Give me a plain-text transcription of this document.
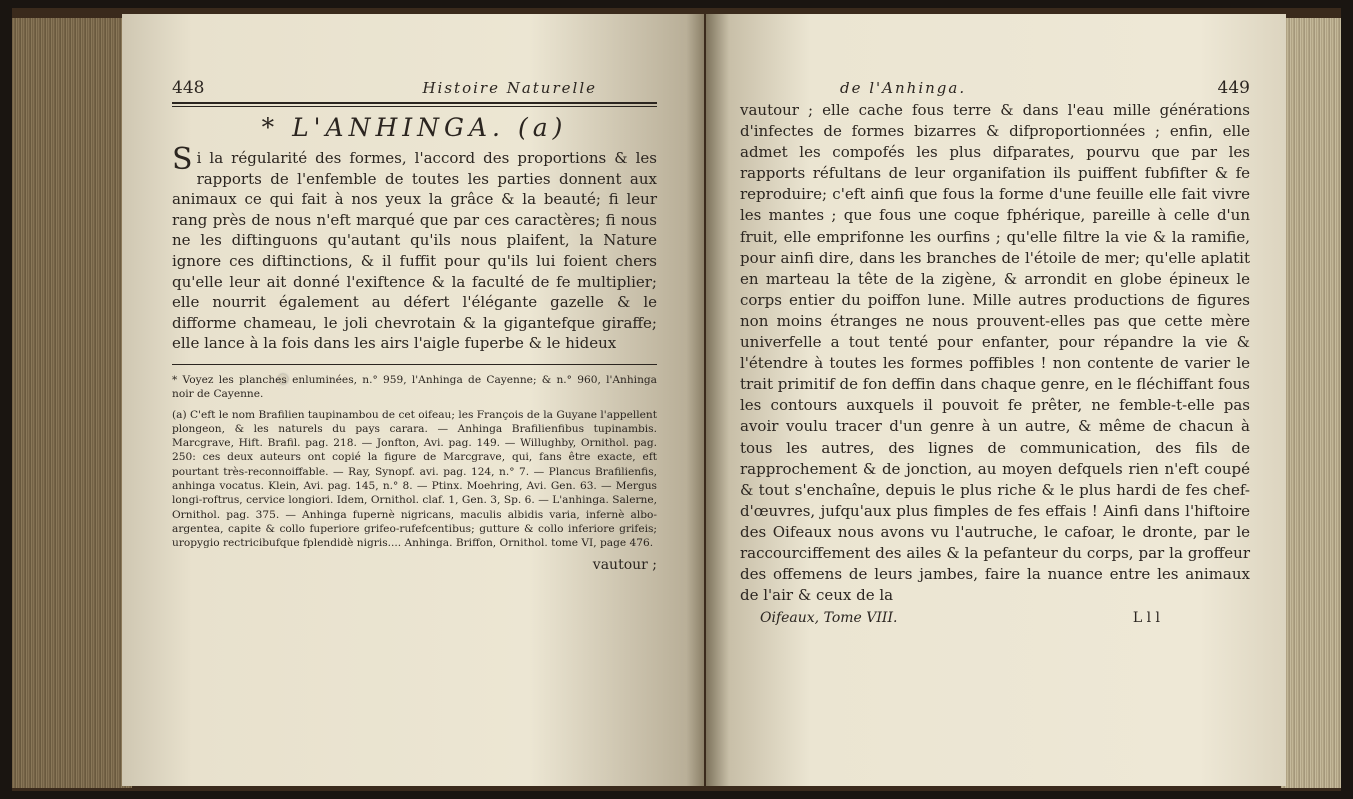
448	Histoire Naturelle
* L'ANHINGA. (a)

Si la régularité des formes, l'accord des proportions & les rapports de l'enfemble de toutes les parties donnent aux animaux ce qui fait à nos yeux la grâce & la beauté; fi leur rang près de nous n'eft marqué que par ces caractères; fi nous ne les diftinguons qu'autant qu'ils nous plaifent, la Nature ignore ces diftinctions, & il fuffit pour qu'ils lui foient chers qu'elle leur ait donné l'exiftence & la faculté de fe multiplier; elle nourrit également au défert l'élégante gazelle & le difforme chameau, le joli chevrotain & la gigantefque giraffe; elle lance à la fois dans les airs l'aigle fuperbe & le hideux

* Voyez les planches enluminées, n.° 959, l'Anhinga de Cayenne; & n.° 960, l'Anhinga noir de Cayenne.

(a) C'eft le nom Brafilien taupinambou de cet oifeau; les François de la Guyane l'appellent plongeon, & les naturels du pays carara. — Anhinga Brafilienfibus tupinambis. Marcgrave, Hift. Brafil. pag. 218. — Jonfton, Avi. pag. 149. — Willughby, Ornithol. pag. 250: ces deux auteurs ont copié la figure de Marcgrave, qui, fans être exacte, eft pourtant très-reconnoiffable. — Ray, Synopf. avi. pag. 124, n.° 7. — Plancus Brafilienfis, anhinga vocatus. Klein, Avi. pag. 145, n.° 8. — Ptinx. Moehring, Avi. Gen. 63. — Mergus longi-roftrus, cervice longiori. Idem, Ornithol. claf. 1, Gen. 3, Sp. 6. — L'anhinga. Salerne, Ornithol. pag. 375. — Anhinga fupernè nigricans, maculis albidis varia, infernè albo-argentea, capite & collo fuperiore grifeo-rufefcentibus; gutture & collo inferiore grifeis; uropygio rectricibufque fplendidè nigris.... Anhinga. Briffon, Ornithol. tome VI, page 476.

vautour ;
de l'Anhinga.	449

vautour ; elle cache fous terre & dans l'eau mille générations d'infectes de formes bizarres & difproportionnées ; enfin, elle admet les compofés les plus difparates, pourvu que par les rapports réfultans de leur organifation ils puiffent fubfifter & fe reproduire; c'eft ainfi que fous la forme d'une feuille elle fait vivre les mantes ; que fous une coque fphérique, pareille à celle d'un fruit, elle emprifonne les ourfins ; qu'elle filtre la vie & la ramifie, pour ainfi dire, dans les branches de l'étoile de mer; qu'elle aplatit en marteau la tête de la zigène, & arrondit en globe épineux le corps entier du poiffon lune. Mille autres productions de figures non moins étranges ne nous prouvent-elles pas que cette mère univerfelle a tout tenté pour enfanter, pour répandre la vie & l'étendre à toutes les formes poffibles ! non contente de varier le trait primitif de fon deffin dans chaque genre, en le fléchiffant fous les contours auxquels il pouvoit fe prêter, ne femble-t-elle pas avoir voulu tracer d'un genre à un autre, & même de chacun à tous les autres, des lignes de communication, des fils de rapprochement & de jonction, au moyen defquels rien n'eft coupé & tout s'enchaîne, depuis le plus riche & le plus hardi de fes chef-d'œuvres, jufqu'aux plus fimples de fes effais ! Ainfi dans l'hiftoire des Oifeaux nous avons vu l'autruche, le cafoar, le dronte, par le raccourciffement des ailes & la pefanteur du corps, par la groffeur des offemens de leurs jambes, faire la nuance entre les animaux de l'air & ceux de la

Oifeaux, Tome VIII.	L l l
